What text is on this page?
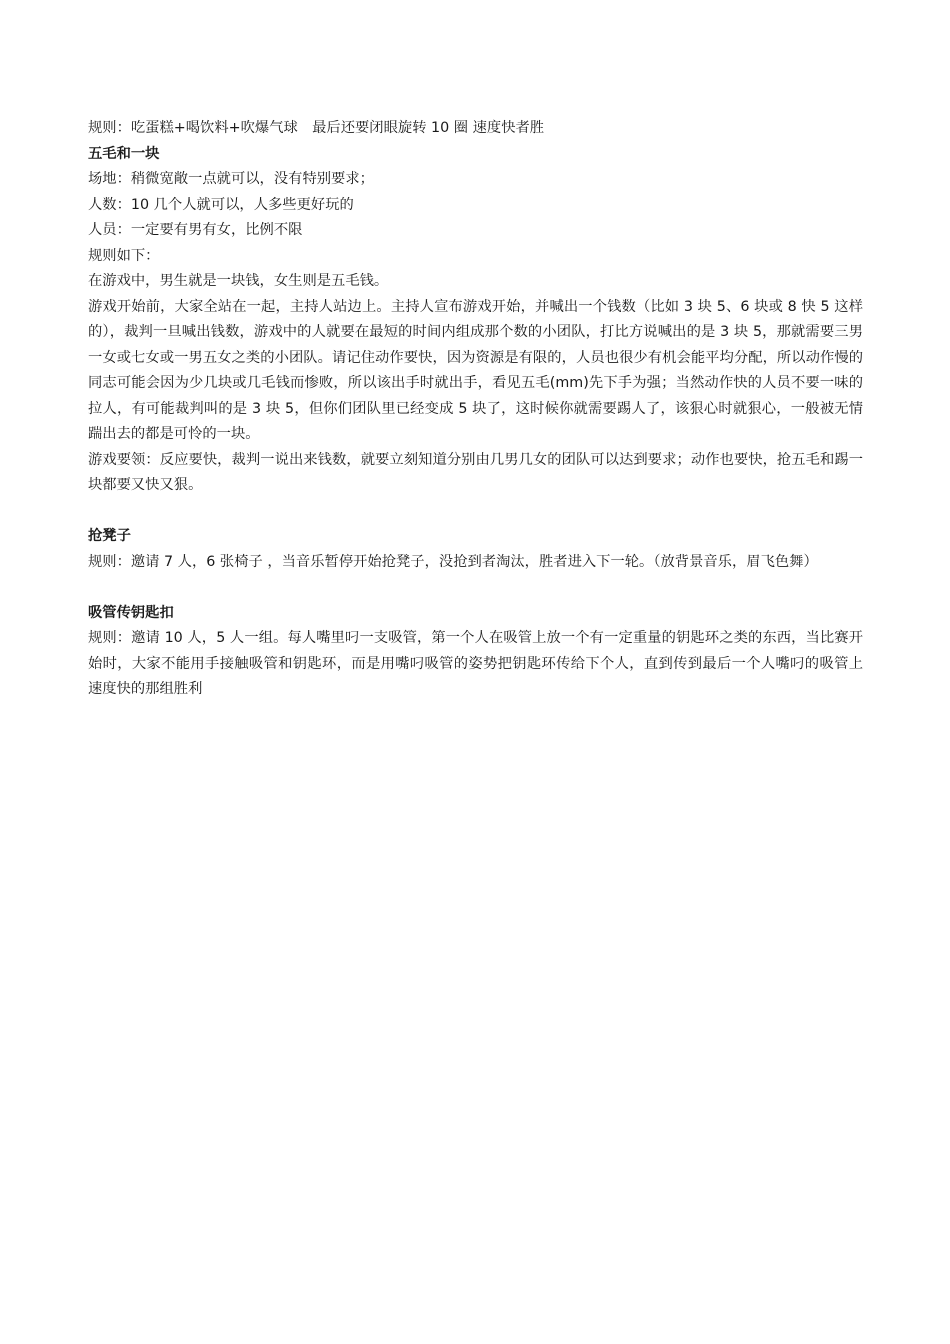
规则：吃蛋糕+喝饮料+吹爆气球　最后还要闭眼旋转 10 圈 速度快者胜

五毛和一块

场地：稍微宽敞一点就可以，没有特别要求；

人数：10 几个人就可以，人多些更好玩的

人员：一定要有男有女，比例不限

规则如下：

在游戏中，男生就是一块钱，女生则是五毛钱。

游戏开始前，大家全站在一起，主持人站边上。主持人宣布游戏开始，并喊出一个钱数（比如 3 块 5、6 块或 8 快 5 这样的），裁判一旦喊出钱数，游戏中的人就要在最短的时间内组成那个数的小团队，打比方说喊出的是 3 块 5，那就需要三男一女或七女或一男五女之类的小团队。请记住动作要快，因为资源是有限的，人员也很少有机会能平均分配，所以动作慢的同志可能会因为少几块或几毛钱而惨败，所以该出手时就出手，看见五毛(mm)先下手为强；当然动作快的人员不要一味的拉人，有可能裁判叫的是 3 块 5，但你们团队里已经变成 5 块了，这时候你就需要踢人了，该狠心时就狠心，一般被无情踹出去的都是可怜的一块。

游戏要领：反应要快，裁判一说出来钱数，就要立刻知道分别由几男几女的团队可以达到要求；动作也要快，抢五毛和踢一块都要又快又狠。

抢凳子

规则：邀请 7 人，6 张椅子 ，当音乐暂停开始抢凳子，没抢到者淘汰，胜者进入下一轮。（放背景音乐，眉飞色舞）

吸管传钥匙扣

规则：邀请 10 人，5 人一组。每人嘴里叼一支吸管，第一个人在吸管上放一个有一定重量的钥匙环之类的东西，当比赛开始时，大家不能用手接触吸管和钥匙环，而是用嘴叼吸管的姿势把钥匙环传给下个人，直到传到最后一个人嘴叼的吸管上　　速度快的那组胜利
